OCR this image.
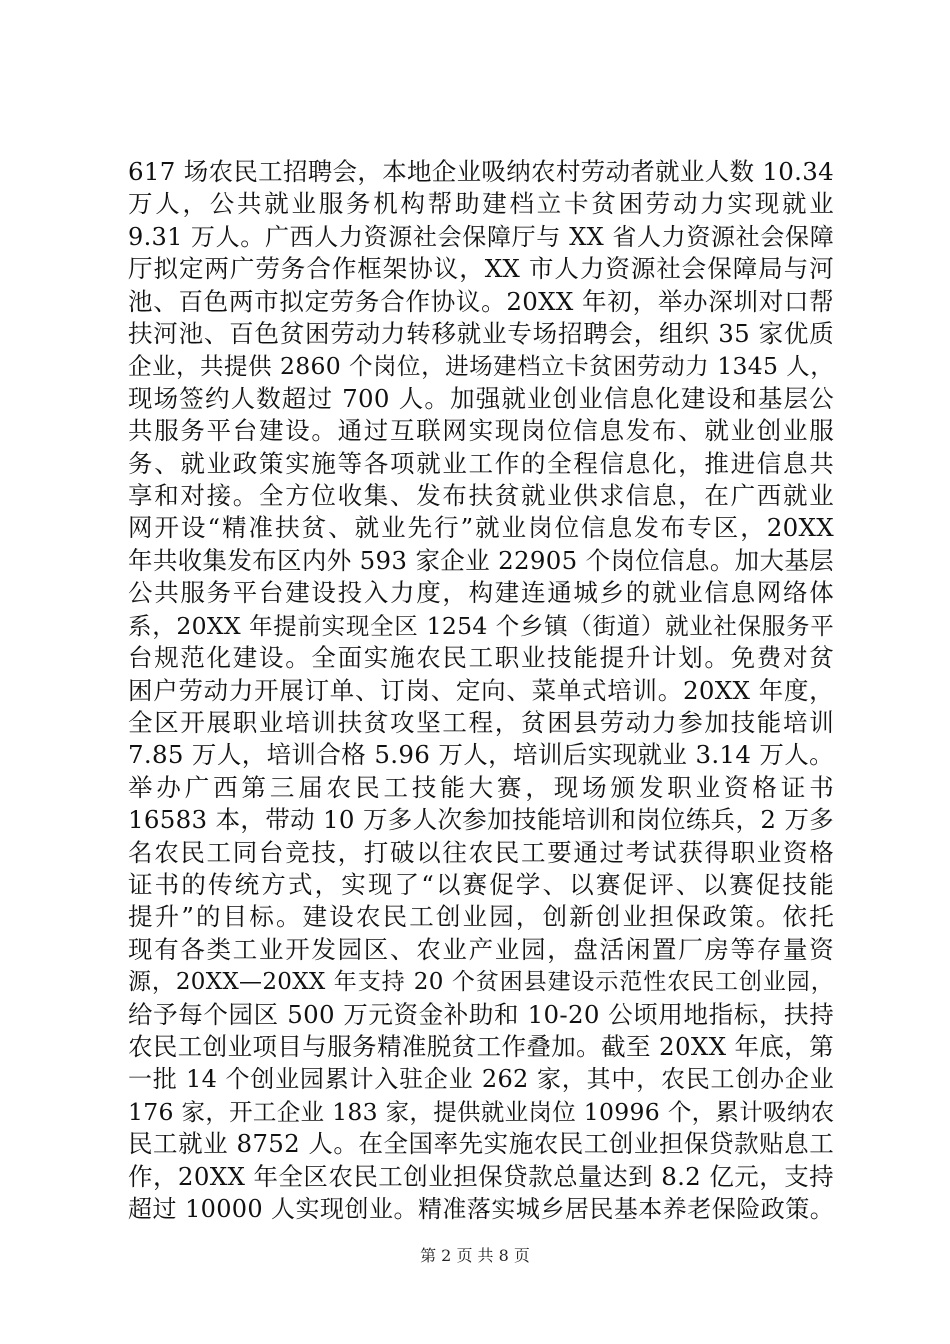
617 场农民工招聘会，本地企业吸纳农村劳动者就业人数 10.34
万人，公共就业服务机构帮助建档立卡贫困劳动力实现就业
9.31 万人。广西人力资源社会保障厅与 XX 省人力资源社会保障
厅拟定两广劳务合作框架协议，XX 市人力资源社会保障局与河
池、百色两市拟定劳务合作协议。20XX 年初，举办深圳对口帮
扶河池、百色贫困劳动力转移就业专场招聘会，组织 35 家优质
企业，共提供 2860 个岗位，进场建档立卡贫困劳动力 1345 人，
现场签约人数超过 700 人。加强就业创业信息化建设和基层公
共服务平台建设。通过互联网实现岗位信息发布、就业创业服
务、就业政策实施等各项就业工作的全程信息化，推进信息共
享和对接。全方位收集、发布扶贫就业供求信息，在广西就业
网开设“精准扶贫、就业先行”就业岗位信息发布专区，20XX
年共收集发布区内外 593 家企业 22905 个岗位信息。加大基层
公共服务平台建设投入力度，构建连通城乡的就业信息网络体
系，20XX 年提前实现全区 1254 个乡镇（街道）就业社保服务平
台规范化建设。全面实施农民工职业技能提升计划。免费对贫
困户劳动力开展订单、订岗、定向、菜单式培训。20XX 年度，
全区开展职业培训扶贫攻坚工程，贫困县劳动力参加技能培训
7.85 万人，培训合格 5.96 万人，培训后实现就业 3.14 万人。
举办广西第三届农民工技能大赛，现场颁发职业资格证书
16583 本，带动 10 万多人次参加技能培训和岗位练兵，2 万多
名农民工同台竞技，打破以往农民工要通过考试获得职业资格
证书的传统方式，实现了“以赛促学、以赛促评、以赛促技能
提升”的目标。建设农民工创业园，创新创业担保政策。依托
现有各类工业开发园区、农业产业园，盘活闲置厂房等存量资
源，20XX—20XX 年支持 20 个贫困县建设示范性农民工创业园，
给予每个园区 500 万元资金补助和 10-20 公顷用地指标，扶持
农民工创业项目与服务精准脱贫工作叠加。截至 20XX 年底，第
一批 14 个创业园累计入驻企业 262 家，其中，农民工创办企业
176 家，开工企业 183 家，提供就业岗位 10996 个，累计吸纳农
民工就业 8752 人。在全国率先实施农民工创业担保贷款贴息工
作，20XX 年全区农民工创业担保贷款总量达到 8.2 亿元，支持
超过 10000 人实现创业。精准落实城乡居民基本养老保险政策。
第 2 页 共 8 页
